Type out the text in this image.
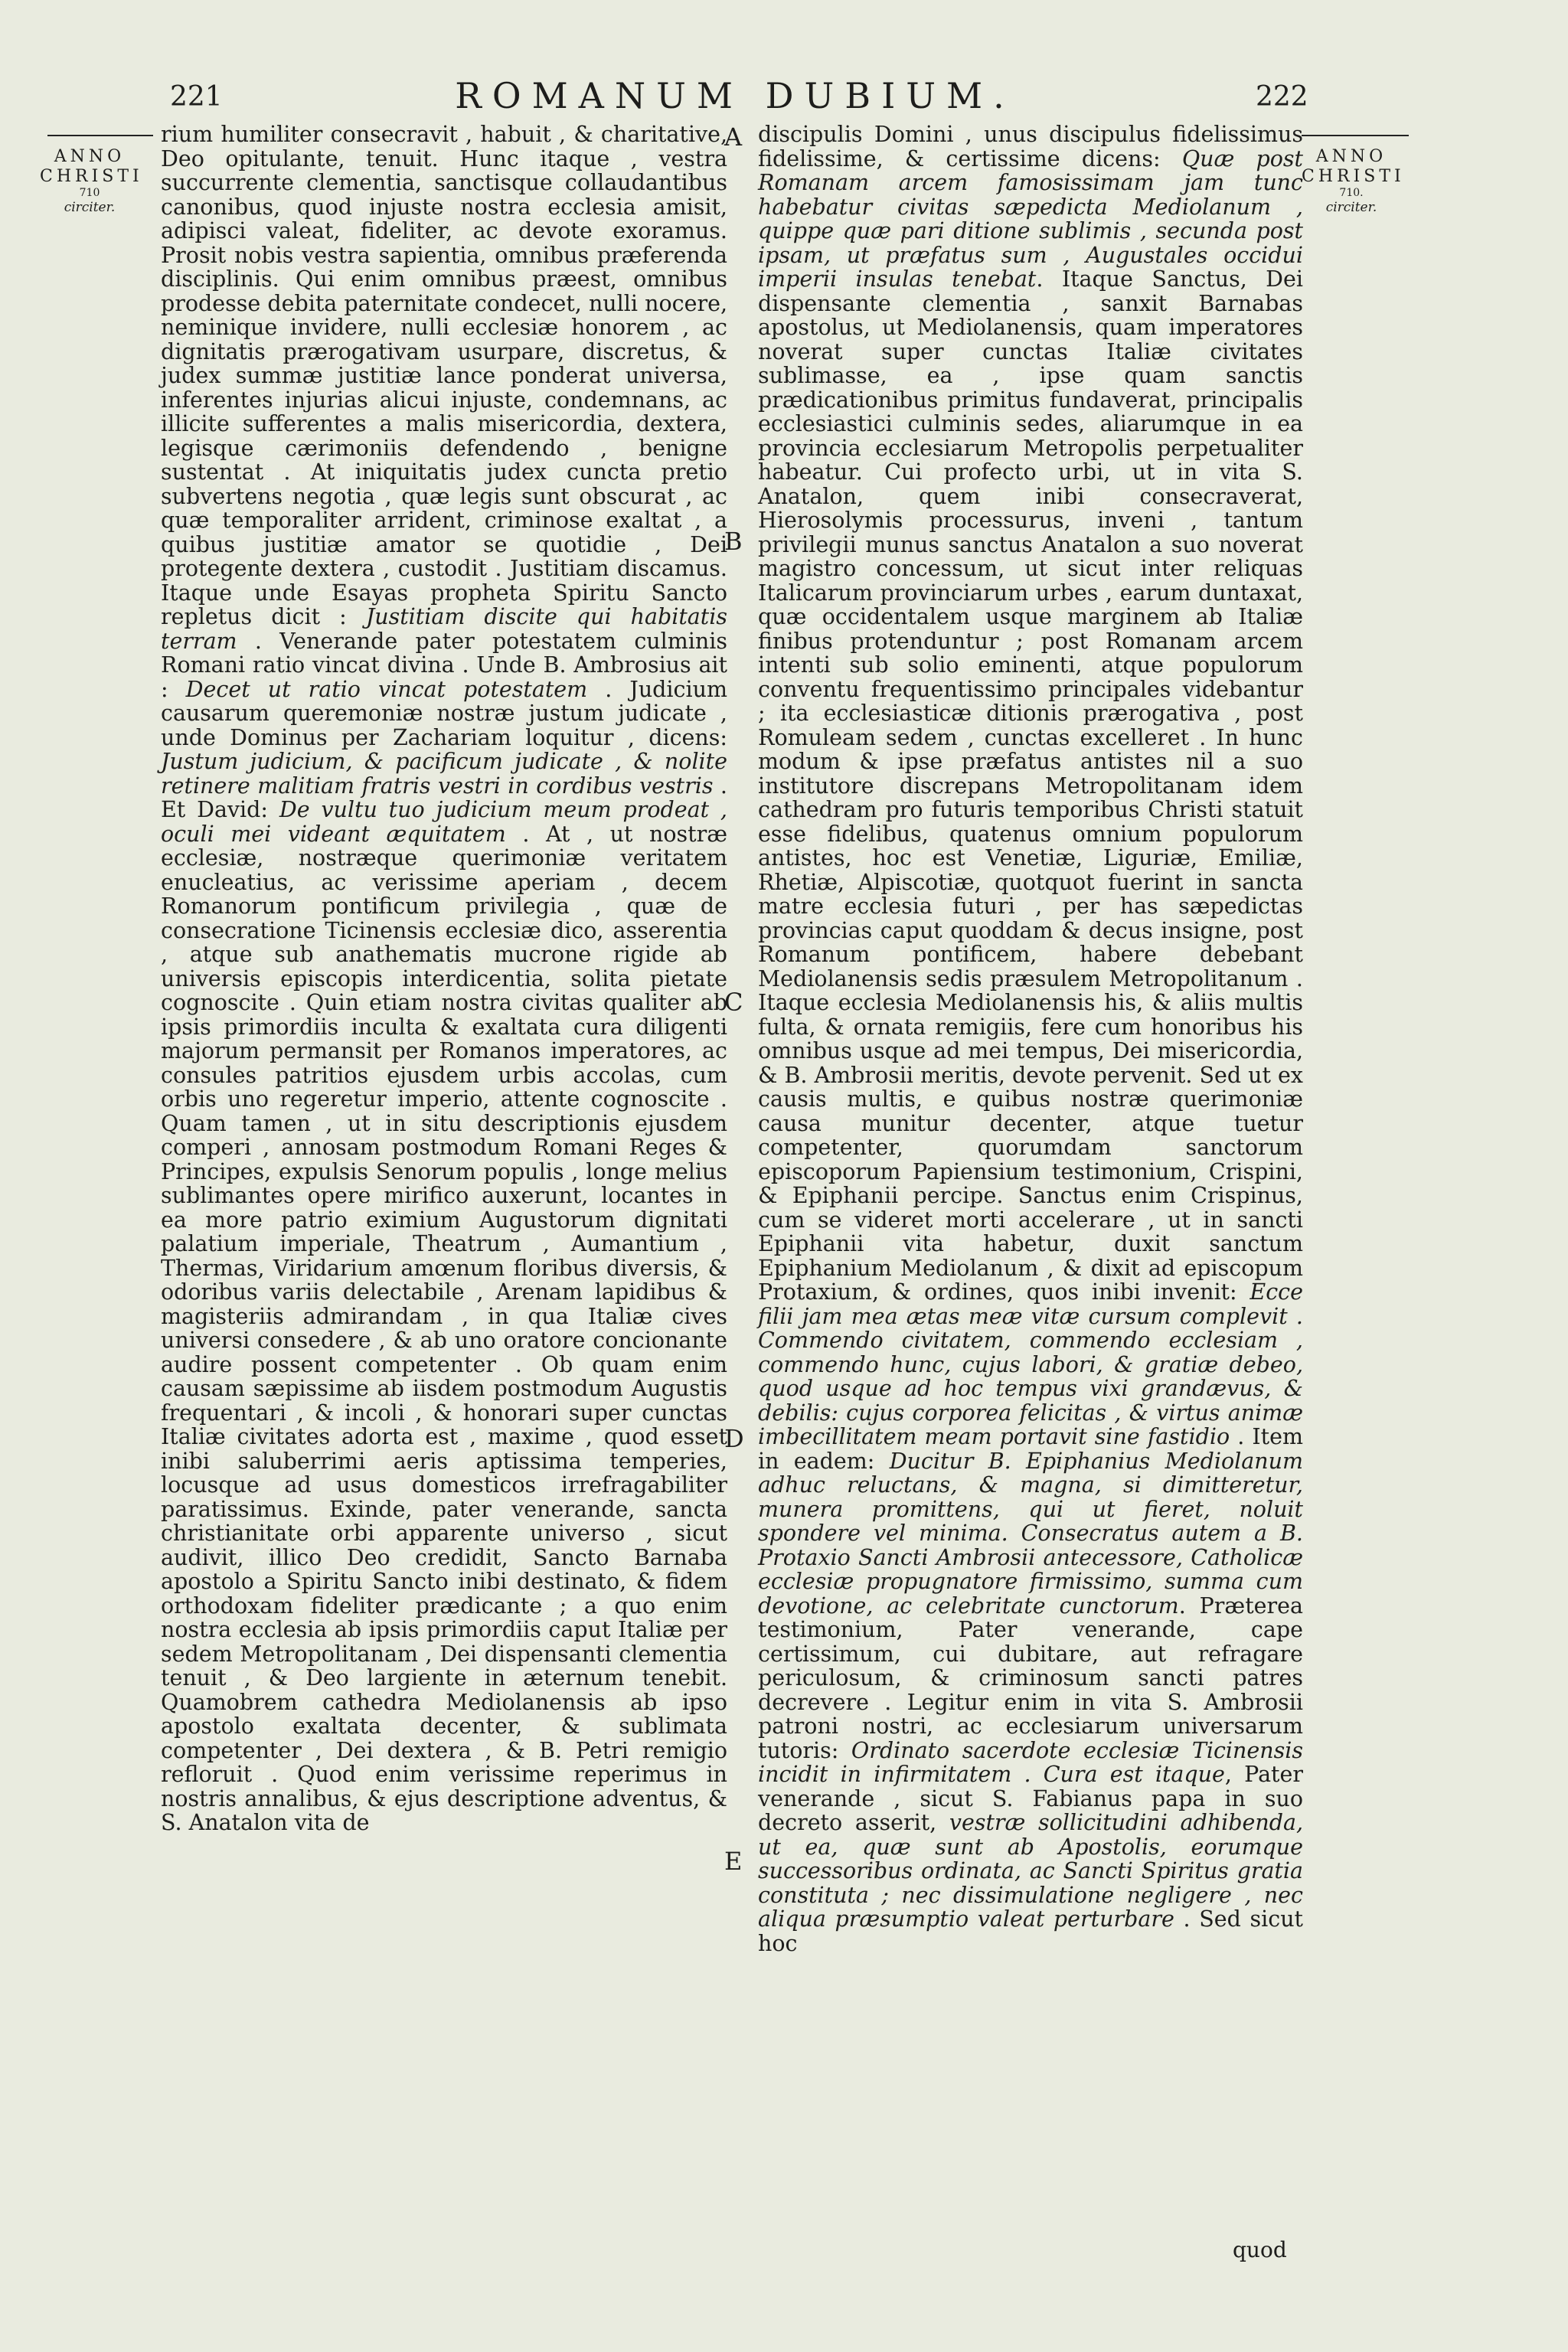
221	ROMANUM DUBIUM.	222
ANNO
CHRISTI
710
circiter.
ANNO
CHRISTI
710.
circiter.

rium humiliter consecravit , habuit , & charitative, Deo opitulante, tenuit. Hunc itaque , vestra succurrente clementia, sanctisque collaudantibus canonibus, quod injuste nostra ecclesia amisit, adipisci valeat, fideliter, ac devote exoramus. Prosit nobis vestra sapientia, omnibus præferenda disciplinis. Qui enim omnibus præest, omnibus prodesse debita paternitate condecet, nulli nocere, neminique invidere, nulli ecclesiæ honorem , ac dignitatis prærogativam usurpare, discretus, & judex summæ justitiæ lance ponderat universa, inferentes injurias alicui injuste, condemnans, ac illicite sufferentes a malis misericordia, dextera, legisque cærimoniis defendendo , benigne sustentat . At iniquitatis judex cuncta pretio subvertens negotia , quæ legis sunt obscurat , ac quæ temporaliter arrident, criminose exaltat , a quibus justitiæ amator se quotidie , Dei protegente dextera , custodit . Justitiam discamus. Itaque unde Esayas propheta Spiritu Sancto repletus dicit : Justitiam discite qui habitatis terram . Venerande pater potestatem culminis Romani ratio vincat divina . Unde B. Ambrosius ait : Decet ut ratio vincat potestatem . Judicium causarum queremoniæ nostræ justum judicate , unde Dominus per Zachariam loquitur , dicens: Justum judicium, & pacificum judicate , & nolite retinere malitiam fratris vestri in cordibus vestris . Et David: De vultu tuo judicium meum prodeat , oculi mei videant æquitatem . At , ut nostræ ecclesiæ, nostræque querimoniæ veritatem enucleatius, ac verissime aperiam , decem Romanorum pontificum privilegia , quæ de consecratione Ticinensis ecclesiæ dico, asserentia , atque sub anathematis mucrone rigide ab universis episcopis interdicentia, solita pietate cognoscite . Quin etiam nostra civitas qualiter ab ipsis primordiis inculta & exaltata cura diligenti majorum permansit per Romanos imperatores, ac consules patritios ejusdem urbis accolas, cum orbis uno regeretur imperio, attente cognoscite . Quam tamen , ut in situ descriptionis ejusdem comperi , annosam postmodum Romani Reges & Principes, expulsis Senorum populis , longe melius sublimantes opere mirifico auxerunt, locantes in ea more patrio eximium Augustorum dignitati palatium imperiale, Theatrum , Aumantium , Thermas, Viridarium amœnum floribus diversis, & odoribus variis delectabile , Arenam lapidibus & magisteriis admirandam , in qua Italiæ cives universi consedere , & ab uno oratore concionante audire possent competenter . Ob quam enim causam sæpissime ab iisdem postmodum Augustis frequentari , & incoli , & honorari super cunctas Italiæ civitates adorta est , maxime , quod esset inibi saluberrimi aeris aptissima temperies, locusque ad usus domesticos irrefragabiliter paratissimus. Exinde, pater venerande, sancta christianitate orbi apparente universo , sicut audivit, illico Deo credidit, Sancto Barnaba apostolo a Spiritu Sancto inibi destinato, & fidem orthodoxam fideliter prædicante ; a quo enim nostra ecclesia ab ipsis primordiis caput Italiæ per sedem Metropolitanam , Dei dispensanti clementia tenuit , & Deo largiente in æternum tenebit. Quamobrem cathedra Mediolanensis ab ipso apostolo exaltata decenter, & sublimata competenter , Dei dextera , & B. Petri remigio refloruit . Quod enim verissime reperimus in nostris annalibus, & ejus descriptione adventus, & S. Anatalon vita de

A
B
C
D
E

discipulis Domini , unus discipulus fidelissimus fidelissime, & certissime dicens: Quæ post Romanam arcem famosissimam jam tunc habebatur civitas sæpedicta Mediolanum , quippe quæ pari ditione sublimis , secunda post ipsam, ut præfatus sum , Augustales occidui imperii insulas tenebat. Itaque Sanctus, Dei dispensante clementia , sanxit Barnabas apostolus, ut Mediolanensis, quam imperatores noverat super cunctas Italiæ civitates sublimasse, ea , ipse quam sanctis prædicationibus primitus fundaverat, principalis ecclesiastici culminis sedes, aliarumque in ea provincia ecclesiarum Metropolis perpetualiter habeatur. Cui profecto urbi, ut in vita S. Anatalon, quem inibi consecraverat, Hierosolymis processurus, inveni , tantum privilegii munus sanctus Anatalon a suo noverat magistro concessum, ut sicut inter reliquas Italicarum provinciarum urbes , earum duntaxat, quæ occidentalem usque marginem ab Italiæ finibus protenduntur ; post Romanam arcem intenti sub solio eminenti, atque populorum conventu frequentissimo principales videbantur ; ita ecclesiasticæ ditionis prærogativa , post Romuleam sedem , cunctas excelleret . In hunc modum & ipse præfatus antistes nil a suo institutore discrepans Metropolitanam idem cathedram pro futuris temporibus Christi statuit esse fidelibus, quatenus omnium populorum antistes, hoc est Venetiæ, Liguriæ, Emiliæ, Rhetiæ, Alpiscotiæ, quotquot fuerint in sancta matre ecclesia futuri , per has sæpedictas provincias caput quoddam & decus insigne, post Romanum pontificem, habere debebant Mediolanensis sedis præsulem Metropolitanum . Itaque ecclesia Mediolanensis his, & aliis multis fulta, & ornata remigiis, fere cum honoribus his omnibus usque ad mei tempus, Dei misericordia, & B. Ambrosii meritis, devote pervenit. Sed ut ex causis multis, e quibus nostræ querimoniæ causa munitur decenter, atque tuetur competenter, quorumdam sanctorum episcoporum Papiensium testimonium, Crispini, & Epiphanii percipe. Sanctus enim Crispinus, cum se videret morti accelerare , ut in sancti Epiphanii vita habetur, duxit sanctum Epiphanium Mediolanum , & dixit ad episcopum Protaxium, & ordines, quos inibi invenit: Ecce filii jam mea ætas meæ vitæ cursum complevit . Commendo civitatem, commendo ecclesiam , commendo hunc, cujus labori, & gratiæ debeo, quod usque ad hoc tempus vixi grandævus, & debilis: cujus corporea felicitas , & virtus animæ imbecillitatem meam portavit sine fastidio . Item in eadem: Ducitur B. Epiphanius Mediolanum adhuc reluctans, & magna, si dimitteretur, munera promittens, qui ut fieret, noluit spondere vel minima. Consecratus autem a B. Protaxio Sancti Ambrosii antecessore, Catholicæ ecclesiæ propugnatore firmissimo, summa cum devotione, ac celebritate cunctorum. Præterea testimonium, Pater venerande, cape certissimum, cui dubitare, aut refragare periculosum, & criminosum sancti patres decrevere . Legitur enim in vita S. Ambrosii patroni nostri, ac ecclesiarum universarum tutoris: Ordinato sacerdote ecclesiæ Ticinensis incidit in infirmitatem . Cura est itaque, Pater venerande , sicut S. Fabianus papa in suo decreto asserit, vestræ sollicitudini adhibenda, ut ea, quæ sunt ab Apostolis, eorumque successoribus ordinata, ac Sancti Spiritus gratia constituta ; nec dissimulatione negligere , nec aliqua præsumptio valeat perturbare . Sed sicut hoc

quod
